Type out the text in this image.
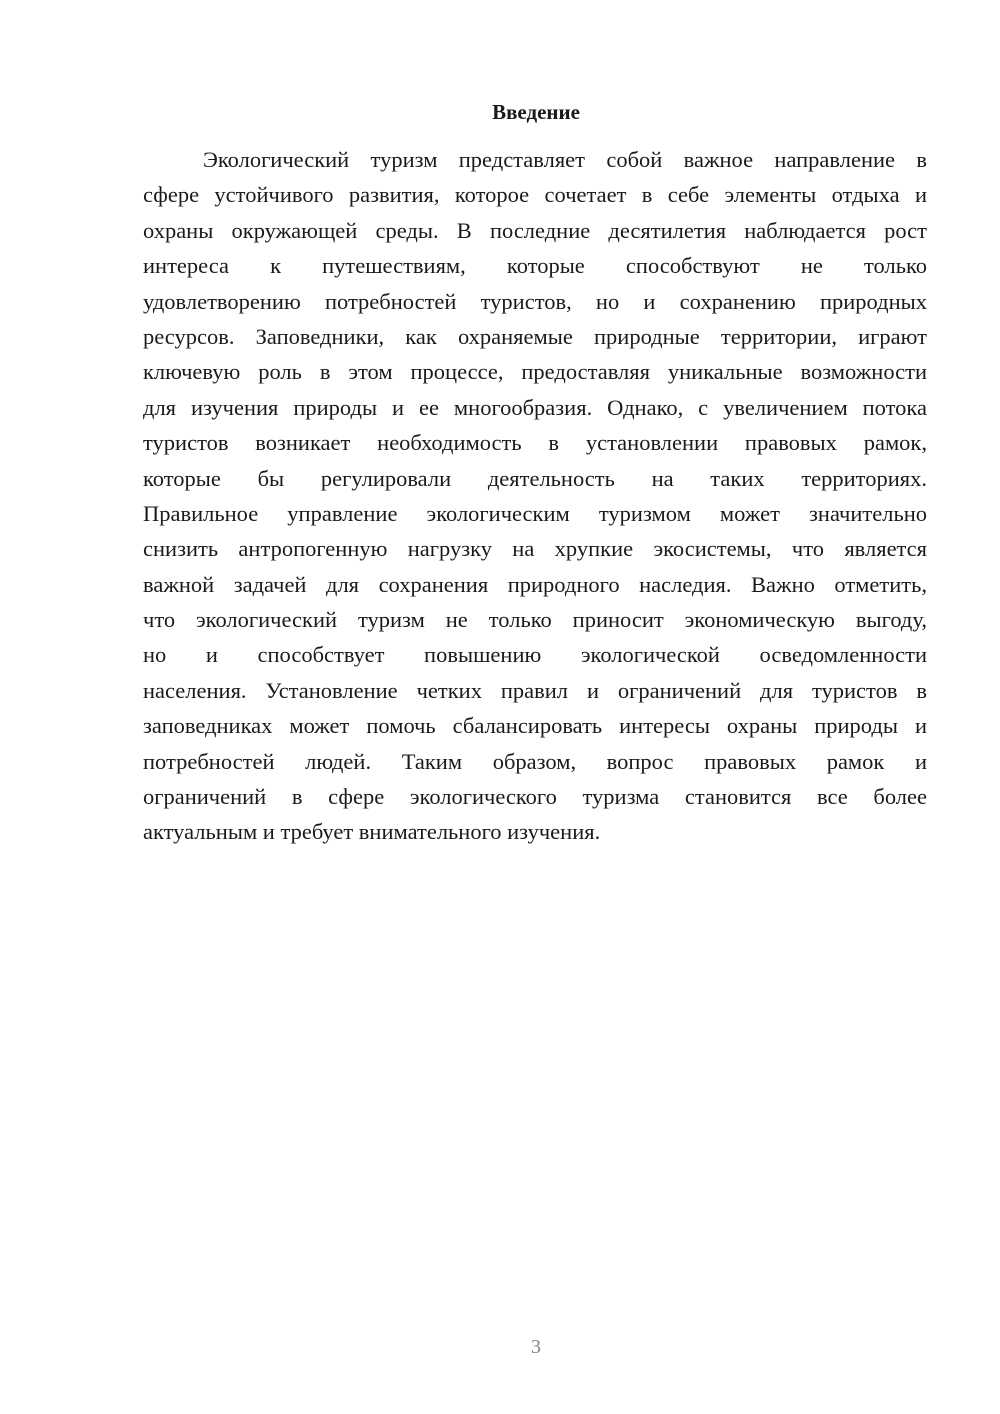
Введение
Экологический туризм представляет собой важное направление в
сфере устойчивого развития, которое сочетает в себе элементы отдыха и
охраны окружающей среды. В последние десятилетия наблюдается рост
интереса к путешествиям, которые способствуют не только
удовлетворению потребностей туристов, но и сохранению природных
ресурсов. Заповедники, как охраняемые природные территории, играют
ключевую роль в этом процессе, предоставляя уникальные возможности
для изучения природы и ее многообразия. Однако, с увеличением потока
туристов возникает необходимость в установлении правовых рамок,
которые бы регулировали деятельность на таких территориях.
Правильное управление экологическим туризмом может значительно
снизить антропогенную нагрузку на хрупкие экосистемы, что является
важной задачей для сохранения природного наследия. Важно отметить,
что экологический туризм не только приносит экономическую выгоду,
но и способствует повышению экологической осведомленности
населения. Установление четких правил и ограничений для туристов в
заповедниках может помочь сбалансировать интересы охраны природы и
потребностей людей. Таким образом, вопрос правовых рамок и
ограничений в сфере экологического туризма становится все более
актуальным и требует внимательного изучения.
3
